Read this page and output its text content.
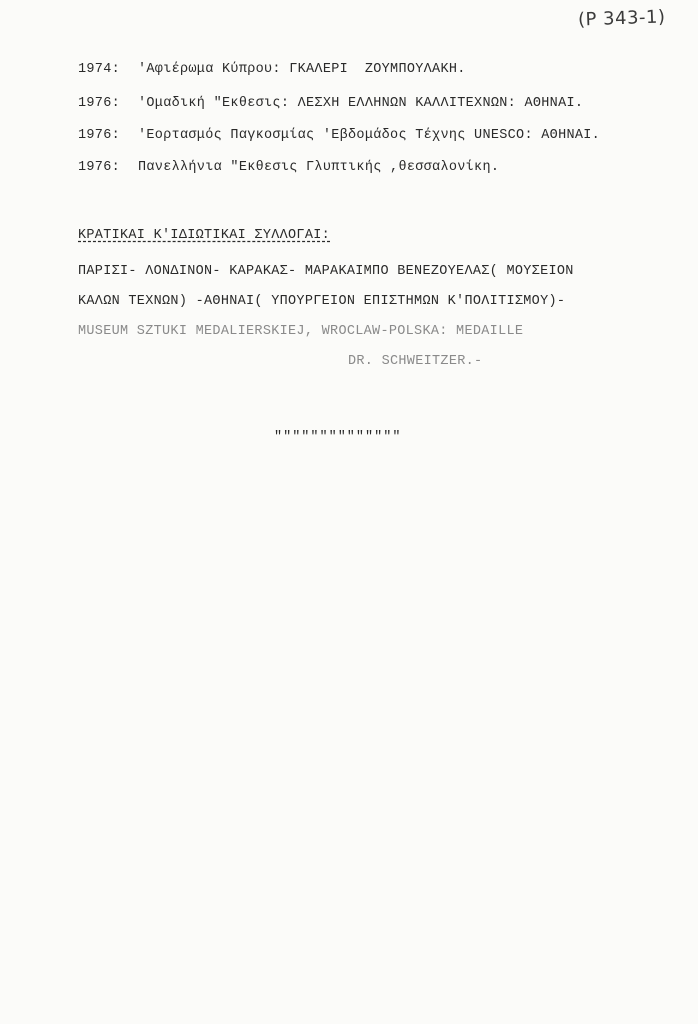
(P 343-1)
1974: 'Αφιέρωμα Κύπρου: ΓΚΑΛΕΡΙ  ΖΟΥΜΠΟΥΛΑΚΗ.
1976: 'Ομαδική "Εκθεσις: ΛΕΣΧΗ ΕΛΛΗΝΩΝ ΚΑΛΛΙΤΕΧΝΩΝ: ΑΘΗΝΑΙ.
1976: 'Εορτασμός Παγκοσμίας 'Εβδομάδος Τέχνης UNESCO: ΑΘΗΝΑΙ.
1976: Πανελλήνια "Εκθεσις Γλυπτικής ,θεσσαλονίκη.
ΚΡΑΤΙΚΑΙ Κ'ΙΔΙΩΤΙΚΑΙ ΣΥΛΛΟΓΑΙ:
ΠΑΡΙΣΙ- ΛΟΝΔΙΝΟΝ- ΚΑΡΑΚΑΣ- ΜΑΡΑΚΑΙΜΠΟ ΒΕΝΕΖΟΥΕΛΑΣ( ΜΟΥΣΕΙΟΝ
ΚΑΛΩΝ ΤΕΧΝΩΝ) -ΑΘΗΝΑΙ( ΥΠΟΥΡΓΕΙΟΝ ΕΠΙΣΤΗΜΩΝ Κ'ΠΟΛΙΤΙΣΜΟΥ)-
MUSEUM SZTUKI MEDALIERSKIEJ, WROCLAW-POLSKA: MEDAILLE
DR. SCHWEITZER.-
""""""""""""""
